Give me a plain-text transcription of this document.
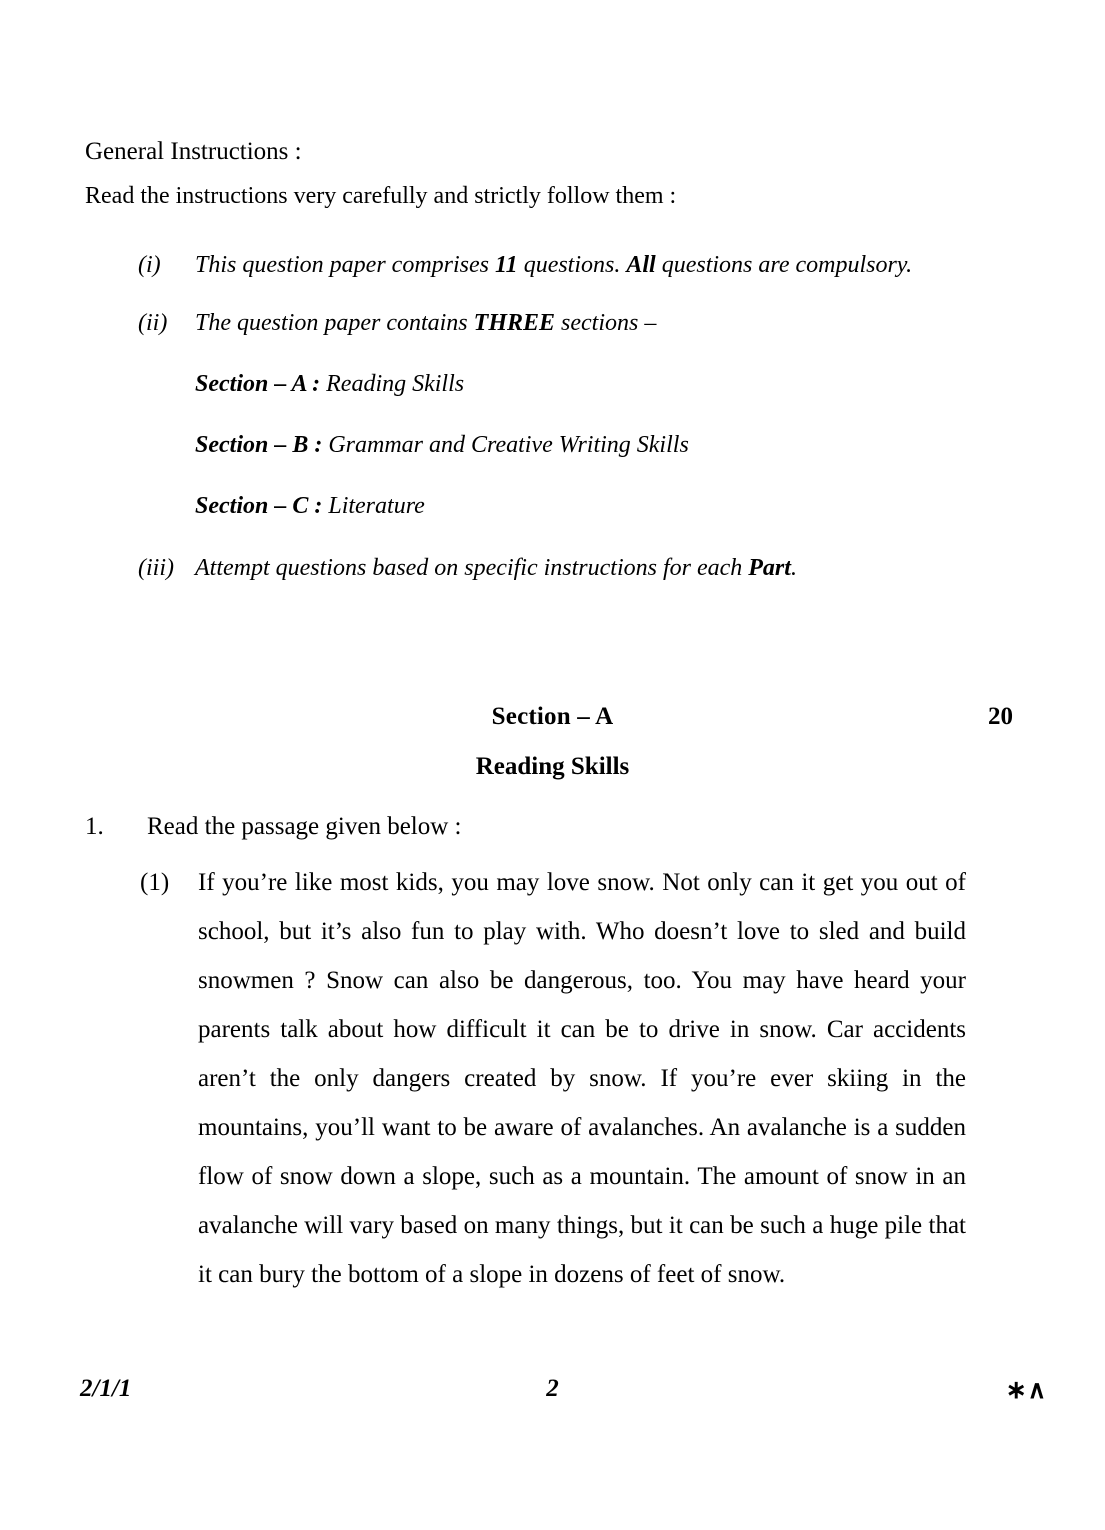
General Instructions :
Read the instructions very carefully and strictly follow them :
(i)	This question paper comprises 11 questions. All questions are compulsory.
(ii)	The question paper contains THREE sections –
Section – A : Reading Skills
Section – B : Grammar and Creative Writing Skills
Section – C : Literature
(iii) Attempt questions based on specific instructions for each Part.
Section – A	20
Reading Skills
1.	Read the passage given below :
(1)	If you’re like most kids, you may love snow. Not only can it get you out of school, but it’s also fun to play with. Who doesn’t love to sled and build snowmen ? Snow can also be dangerous, too. You may have heard your parents talk about how difficult it can be to drive in snow. Car accidents aren’t the only dangers created by snow. If you’re ever skiing in the mountains, you’ll want to be aware of avalanches. An avalanche is a sudden flow of snow down a slope, such as a mountain. The amount of snow in an avalanche will vary based on many things, but it can be such a huge pile that it can bury the bottom of a slope in dozens of feet of snow.
2/1/1	2	∗∧
